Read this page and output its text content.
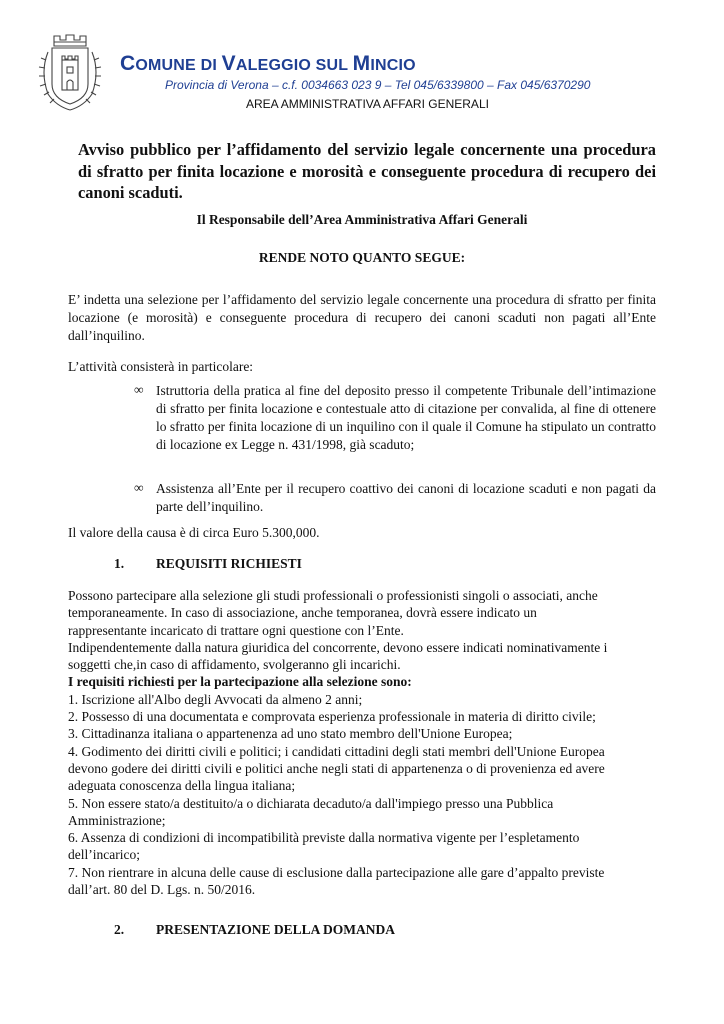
COMUNE DI VALEGGIO SUL MINCIO
Provincia di Verona – c.f. 0034663 023 9 – Tel 045/6339800 – Fax 045/6370290
AREA AMMINISTRATIVA AFFARI GENERALI
Avviso pubblico per l’affidamento del servizio legale concernente una procedura di sfratto per finita locazione e morosità e conseguente procedura di recupero dei canoni scaduti.
Il Responsabile dell’Area Amministrativa Affari Generali
RENDE NOTO QUANTO SEGUE:
E’ indetta una selezione per l’affidamento del servizio legale concernente una procedura di sfratto per finita locazione (e morosità) e conseguente procedura di recupero dei canoni scaduti non pagati all’Ente dall’inquilino.
L’attività consisterà in particolare:
∞ Istruttoria della pratica al fine del deposito presso il competente Tribunale dell’intimazione di sfratto per finita locazione e contestuale atto di citazione per convalida, al fine di ottenere lo sfratto per finita locazione di un inquilino con il quale il Comune ha stipulato un contratto di locazione ex Legge n. 431/1998, già scaduto;
∞ Assistenza all’Ente per il recupero coattivo dei canoni di locazione scaduti e non pagati da parte dell’inquilino.
Il valore della causa è di circa Euro 5.300,000.
1. REQUISITI RICHIESTI
Possono partecipare alla selezione gli studi professionali o professionisti singoli o associati, anche
temporaneamente. In caso di associazione, anche temporanea, dovrà essere indicato un
rappresentante incaricato di trattare ogni questione con l’Ente.
Indipendentemente dalla natura giuridica del concorrente, devono essere indicati nominativamente i
soggetti che,in caso di affidamento, svolgeranno gli incarichi.
I requisiti richiesti per la partecipazione alla selezione sono:
1. Iscrizione all'Albo degli Avvocati da almeno 2 anni;
2. Possesso di una documentata e comprovata esperienza professionale in materia di diritto civile;
3. Cittadinanza italiana o appartenenza ad uno stato membro dell'Unione Europea;
4. Godimento dei diritti civili e politici; i candidati cittadini degli stati membri dell'Unione Europea
devono godere dei diritti civili e politici anche negli stati di appartenenza o di provenienza ed avere
adeguata conoscenza della lingua italiana;
5. Non essere stato/a destituito/a o dichiarata decaduto/a dall'impiego presso una Pubblica
Amministrazione;
6. Assenza di condizioni di incompatibilità previste dalla normativa vigente per l’espletamento
dell’incarico;
7. Non rientrare in alcuna delle cause di esclusione dalla partecipazione alle gare d’appalto previste
dall’art. 80 del D. Lgs. n. 50/2016.
2. PRESENTAZIONE DELLA DOMANDA
